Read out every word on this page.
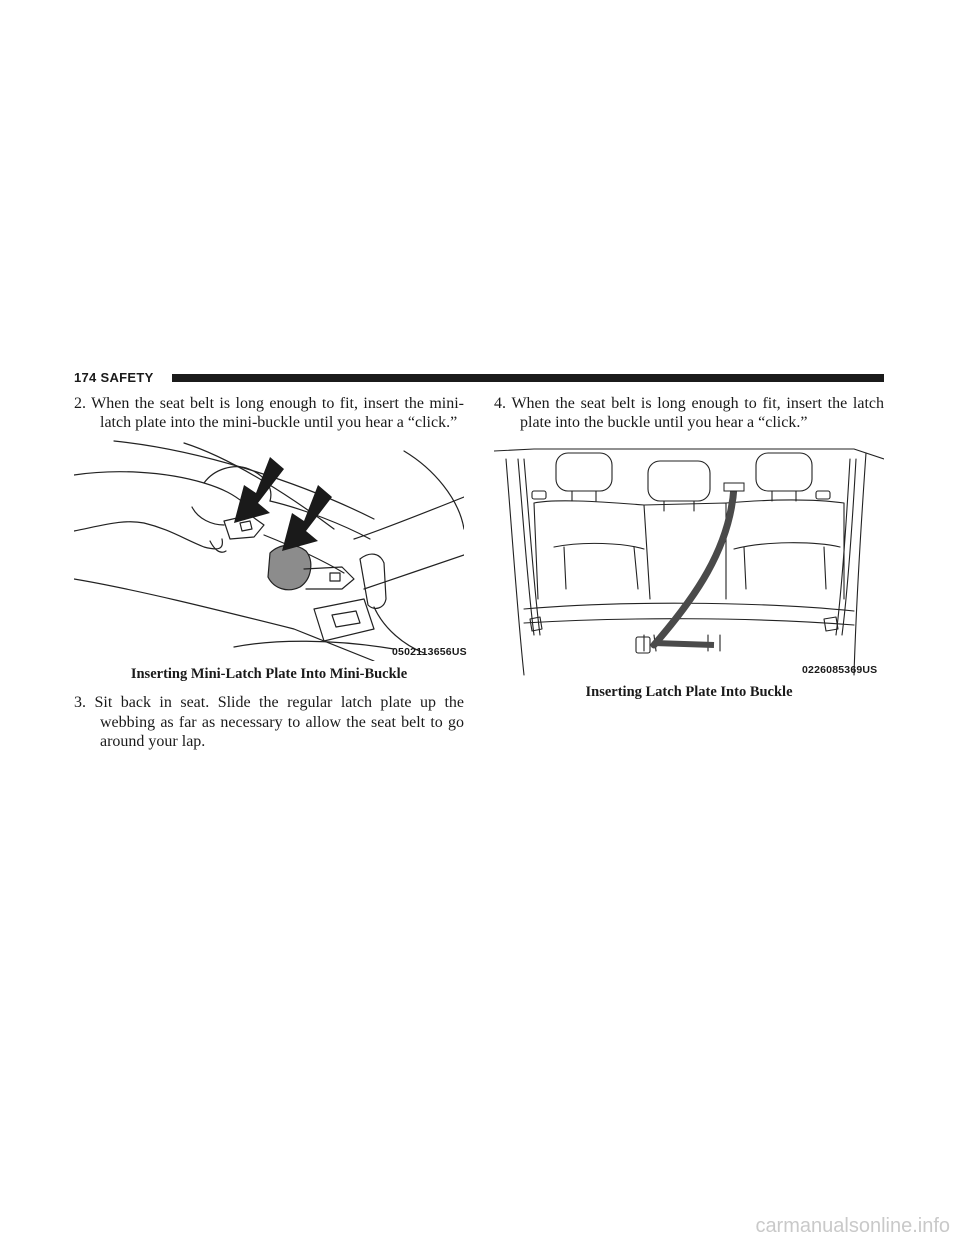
174 SAFETY

2. When the seat belt is long enough to fit, insert the mini-latch plate into the mini-buckle until you hear a “click.”

0502113656US
Inserting Mini-Latch Plate Into Mini-Buckle

3. Sit back in seat. Slide the regular latch plate up the webbing as far as necessary to allow the seat belt to go around your lap.

4. When the seat belt is long enough to fit, insert the latch plate into the buckle until you hear a “click.”

0226085369US
Inserting Latch Plate Into Buckle
carmanualsonline.info
